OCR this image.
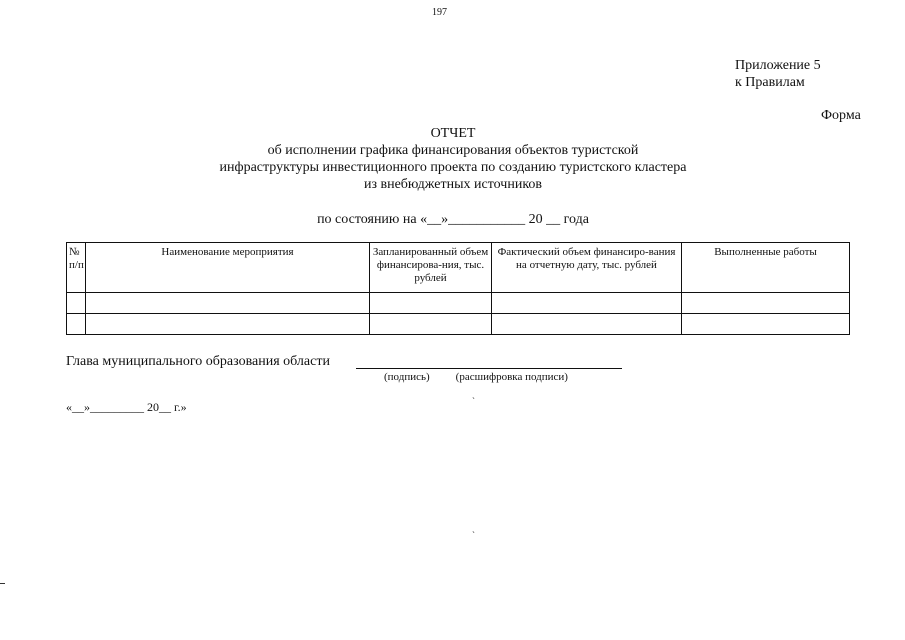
197
Приложение 5
к Правилам
Форма
ОТЧЕТ
об исполнении графика финансирования объектов туристской
инфраструктуры инвестиционного проекта по созданию туристского кластера
из внебюджетных источников
по состоянию на «__»___________ 20 __ года
№ п/п	Наименование мероприятия	Запланированный объем финансирова-ния, тыс. рублей	Фактический объем финансиро-вания на отчетную дату, тыс. рублей	Выполненные работы

Глава муниципального образования области
(подпись) (расшифровка подписи)
«__»_________ 20__ г.»	ˋ
ˋ
